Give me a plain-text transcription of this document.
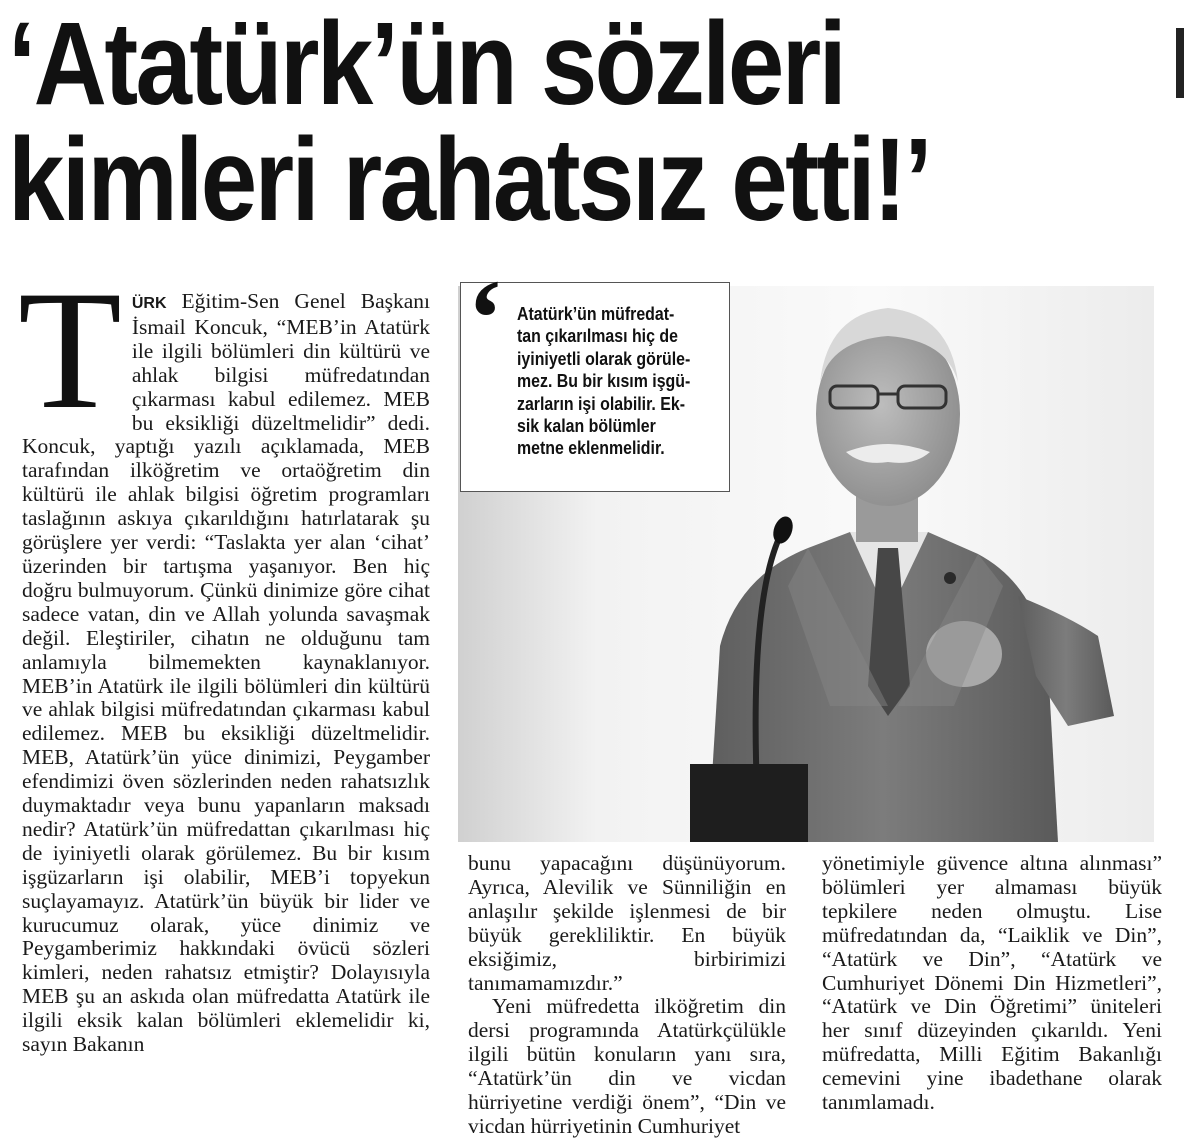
‘Atatürk’ün sözleri
kimleri rahatsız etti!’
T ÜRK Eğitim-Sen Genel Başkanı İsmail Koncuk, “MEB’in Atatürk ile ilgili bölümleri din kültürü ve ahlak bilgisi müfredatından çıkarması kabul edilemez. MEB bu eksikliği düzeltmelidir” dedi. Koncuk, yaptığı yazılı açıklamada, MEB tarafından ilköğretim ve ortaöğretim din kültürü ile ahlak bilgisi öğretim programları taslağının askıya çıkarıldığını hatırlatarak şu görüşlere yer verdi: “Taslakta yer alan ‘cihat’ üzerinden bir tartışma yaşanıyor. Ben hiç doğru bulmuyorum. Çünkü dinimize göre cihat sadece vatan, din ve Allah yolunda savaşmak değil. Eleştiriler, cihatın ne olduğunu tam anlamıyla bilmemekten kaynaklanıyor. MEB’in Atatürk ile ilgili bölümleri din kültürü ve ahlak bilgisi müfredatından çıkarması kabul edilemez. MEB bu eksikliği düzeltmelidir. MEB, Atatürk’ün yüce dinimizi, Peygamber efendimizi öven sözlerinden neden rahatsızlık duymaktadır veya bunu yapanların maksadı nedir? Atatürk’ün müfredattan çıkarılması hiç de iyiniyetli olarak görülemez. Bu bir kısım işgüzarların işi olabilir, MEB’i topyekun suçlayamayız. Atatürk’ün büyük bir lider ve kurucumuz olarak, yüce dinimiz ve Peygamberimiz hakkındaki övücü sözleri kimleri, neden rahatsız etmiştir? Dolayısıyla MEB şu an askıda olan müfredatta Atatürk ile ilgili eksik kalan bölümleri eklemelidir ki, sayın Bakanın

‘ Atatürk’ün müfredat-
tan çıkarılması hiç de
iyiniyetli olarak görüle-
mez. Bu bir kısım işgü-
zarların işi olabilir. Ek-
sik kalan bölümler
metne eklenmelidir.

bunu yapacağını düşünüyorum. Ayrıca, Alevilik ve Sünniliğin en anlaşılır şekilde işlenmesi de bir büyük gerekliliktir. En büyük eksiğimiz, birbirimizi tanımamamızdır.”

Yeni müfredetta ilköğretim din dersi programında Atatürkçülükle ilgili bütün konuların yanı sıra, “Atatürk’ün din ve vicdan hürriyetine verdiği önem”, “Din ve vicdan hürriyetinin Cumhuriyet

yönetimiyle güvence altına alınması” bölümleri yer almaması büyük tepkilere neden olmuştu. Lise müfredatından da, “Laiklik ve Din”, “Atatürk ve Din”, “Atatürk ve Cumhuriyet Dönemi Din Hizmetleri”, “Atatürk ve Din Öğretimi” üniteleri her sınıf düzeyinden çıkarıldı. Yeni müfredatta, Milli Eğitim Bakanlığı cemevini yine ibadethane olarak tanımlamadı.
